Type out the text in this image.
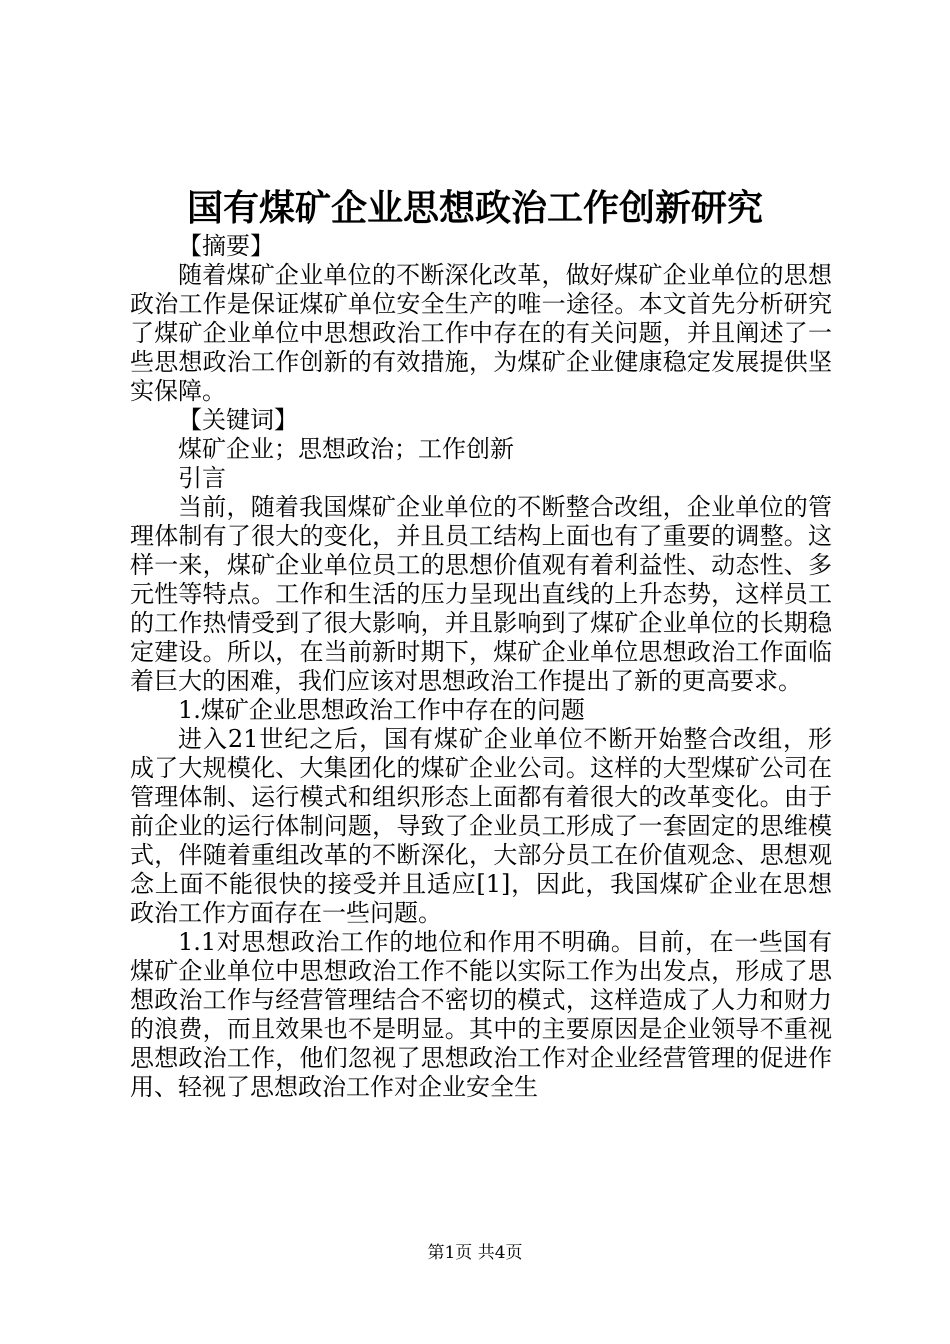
国有煤矿企业思想政治工作创新研究

【摘要】

随着煤矿企业单位的不断深化改革，做好煤矿企业单位的思想政治工作是保证煤矿单位安全生产的唯一途径。本文首先分析研究了煤矿企业单位中思想政治工作中存在的有关问题，并且阐述了一些思想政治工作创新的有效措施，为煤矿企业健康稳定发展提供坚实保障。

【关键词】

煤矿企业；思想政治；工作创新

引言

当前，随着我国煤矿企业单位的不断整合改组，企业单位的管理体制有了很大的变化，并且员工结构上面也有了重要的调整。这样一来，煤矿企业单位员工的思想价值观有着利益性、动态性、多元性等特点。工作和生活的压力呈现出直线的上升态势，这样员工的工作热情受到了很大影响，并且影响到了煤矿企业单位的长期稳定建设。所以，在当前新时期下，煤矿企业单位思想政治工作面临着巨大的困难，我们应该对思想政治工作提出了新的更高要求。

1.煤矿企业思想政治工作中存在的问题

进入21世纪之后，国有煤矿企业单位不断开始整合改组，形成了大规模化、大集团化的煤矿企业公司。这样的大型煤矿公司在管理体制、运行模式和组织形态上面都有着很大的改革变化。由于前企业的运行体制问题，导致了企业员工形成了一套固定的思维模式，伴随着重组改革的不断深化，大部分员工在价值观念、思想观念上面不能很快的接受并且适应[1]，因此，我国煤矿企业在思想政治工作方面存在一些问题。

1.1对思想政治工作的地位和作用不明确。目前，在一些国有煤矿企业单位中思想政治工作不能以实际工作为出发点，形成了思想政治工作与经营管理结合不密切的模式，这样造成了人力和财力的浪费，而且效果也不是明显。其中的主要原因是企业领导不重视思想政治工作，他们忽视了思想政治工作对企业经营管理的促进作用、轻视了思想政治工作对企业安全生

第1页 共4页
